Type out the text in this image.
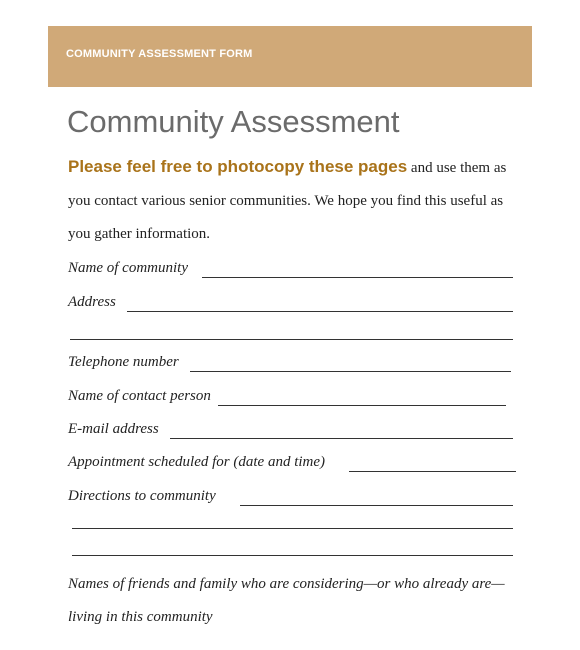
COMMUNITY ASSESSMENT FORM
Community Assessment

Please feel free to photocopy these pages and use them as you contact various senior communities. We hope you find this useful as you gather information.

Name of community
Address
Telephone number
Name of contact person
E-mail address
Appointment scheduled for (date and time)
Directions to community

Names of friends and family who are considering—or who already are—living in this community
